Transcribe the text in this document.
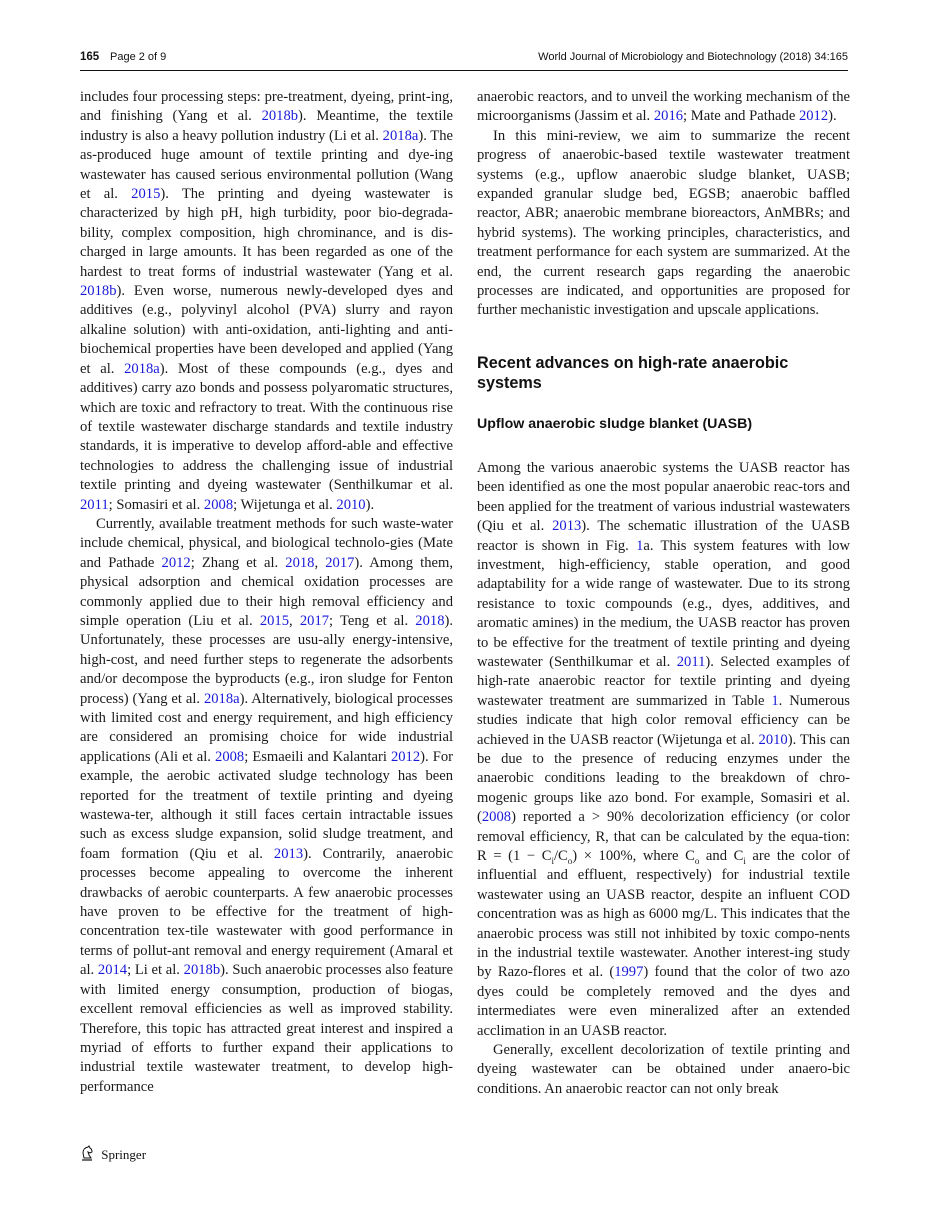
165 Page 2 of 9	World Journal of Microbiology and Biotechnology (2018) 34:165

includes four processing steps: pre-treatment, dyeing, print-ing, and finishing (Yang et al. 2018b). Meantime, the textile industry is also a heavy pollution industry (Li et al. 2018a). The as-produced huge amount of textile printing and dye-ing wastewater has caused serious environmental pollution (Wang et al. 2015). The printing and dyeing wastewater is characterized by high pH, high turbidity, poor bio-degrada-bility, complex composition, high chrominance, and is dis-charged in large amounts. It has been regarded as one of the hardest to treat forms of industrial wastewater (Yang et al. 2018b). Even worse, numerous newly-developed dyes and additives (e.g., polyvinyl alcohol (PVA) slurry and rayon alkaline solution) with anti-oxidation, anti-lighting and anti-biochemical properties have been developed and applied (Yang et al. 2018a). Most of these compounds (e.g., dyes and additives) carry azo bonds and possess polyaromatic structures, which are toxic and refractory to treat. With the continuous rise of textile wastewater discharge standards and textile industry standards, it is imperative to develop afford-able and effective technologies to address the challenging issue of industrial textile printing and dyeing wastewater (Senthilkumar et al. 2011; Somasiri et al. 2008; Wijetunga et al. 2010).

Currently, available treatment methods for such waste-water include chemical, physical, and biological technolo-gies (Mate and Pathade 2012; Zhang et al. 2018, 2017). Among them, physical adsorption and chemical oxidation processes are commonly applied due to their high removal efficiency and simple operation (Liu et al. 2015, 2017; Teng et al. 2018). Unfortunately, these processes are usu-ally energy-intensive, high-cost, and need further steps to regenerate the adsorbents and/or decompose the byproducts (e.g., iron sludge for Fenton process) (Yang et al. 2018a). Alternatively, biological processes with limited cost and energy requirement, and high efficiency are considered an promising choice for wide industrial applications (Ali et al. 2008; Esmaeili and Kalantari 2012). For example, the aerobic activated sludge technology has been reported for the treatment of textile printing and dyeing wastewa-ter, although it still faces certain intractable issues such as excess sludge expansion, solid sludge treatment, and foam formation (Qiu et al. 2013). Contrarily, anaerobic processes become appealing to overcome the inherent drawbacks of aerobic counterparts. A few anaerobic processes have proven to be effective for the treatment of high-concentration tex-tile wastewater with good performance in terms of pollut-ant removal and energy requirement (Amaral et al. 2014; Li et al. 2018b). Such anaerobic processes also feature with limited energy consumption, production of biogas, excellent removal efficiencies as well as improved stability. Therefore, this topic has attracted great interest and inspired a myriad of efforts to further expand their applications to industrial textile wastewater treatment, to develop high-performance

anaerobic reactors, and to unveil the working mechanism of the microorganisms (Jassim et al. 2016; Mate and Pathade 2012).

In this mini-review, we aim to summarize the recent progress of anaerobic-based textile wastewater treatment systems (e.g., upflow anaerobic sludge blanket, UASB; expanded granular sludge bed, EGSB; anaerobic baffled reactor, ABR; anaerobic membrane bioreactors, AnMBRs; and hybrid systems). The working principles, characteristics, and treatment performance for each system are summarized. At the end, the current research gaps regarding the anaerobic processes are indicated, and opportunities are proposed for further mechanistic investigation and upscale applications.

Recent advances on high-rate anaerobic systems
Upflow anaerobic sludge blanket (UASB)

Among the various anaerobic systems the UASB reactor has been identified as one the most popular anaerobic reac-tors and been applied for the treatment of various industrial wastewaters (Qiu et al. 2013). The schematic illustration of the UASB reactor is shown in Fig. 1a. This system features with low investment, high-efficiency, stable operation, and good adaptability for a wide range of wastewater. Due to its strong resistance to toxic compounds (e.g., dyes, additives, and aromatic amines) in the medium, the UASB reactor has proven to be effective for the treatment of textile printing and dyeing wastewater (Senthilkumar et al. 2011). Selected examples of high-rate anaerobic reactor for textile printing and dyeing wastewater treatment are summarized in Table 1. Numerous studies indicate that high color removal efficiency can be achieved in the UASB reactor (Wijetunga et al. 2010). This can be due to the presence of reducing enzymes under the anaerobic conditions leading to the breakdown of chro-mogenic groups like azo bond. For example, Somasiri et al. (2008) reported a > 90% decolorization efficiency (or color removal efficiency, R, that can be calculated by the equa-tion: $R = (1 - C_i/C_o) \times 100\%$, where $C_o$ and $C_i$ are the color of influential and effluent, respectively) for industrial textile wastewater using an UASB reactor, despite an influent COD concentration was as high as 6000 mg/L. This indicates that the anaerobic process was still not inhibited by toxic compo-nents in the industrial textile wastewater. Another interest-ing study by Razo-flores et al. (1997) found that the color of two azo dyes could be completely removed and the dyes and intermediates were even mineralized after an extended acclimation in an UASB reactor.

Generally, excellent decolorization of textile printing and dyeing wastewater can be obtained under anaero-bic conditions. An anaerobic reactor can not only break

Springer
